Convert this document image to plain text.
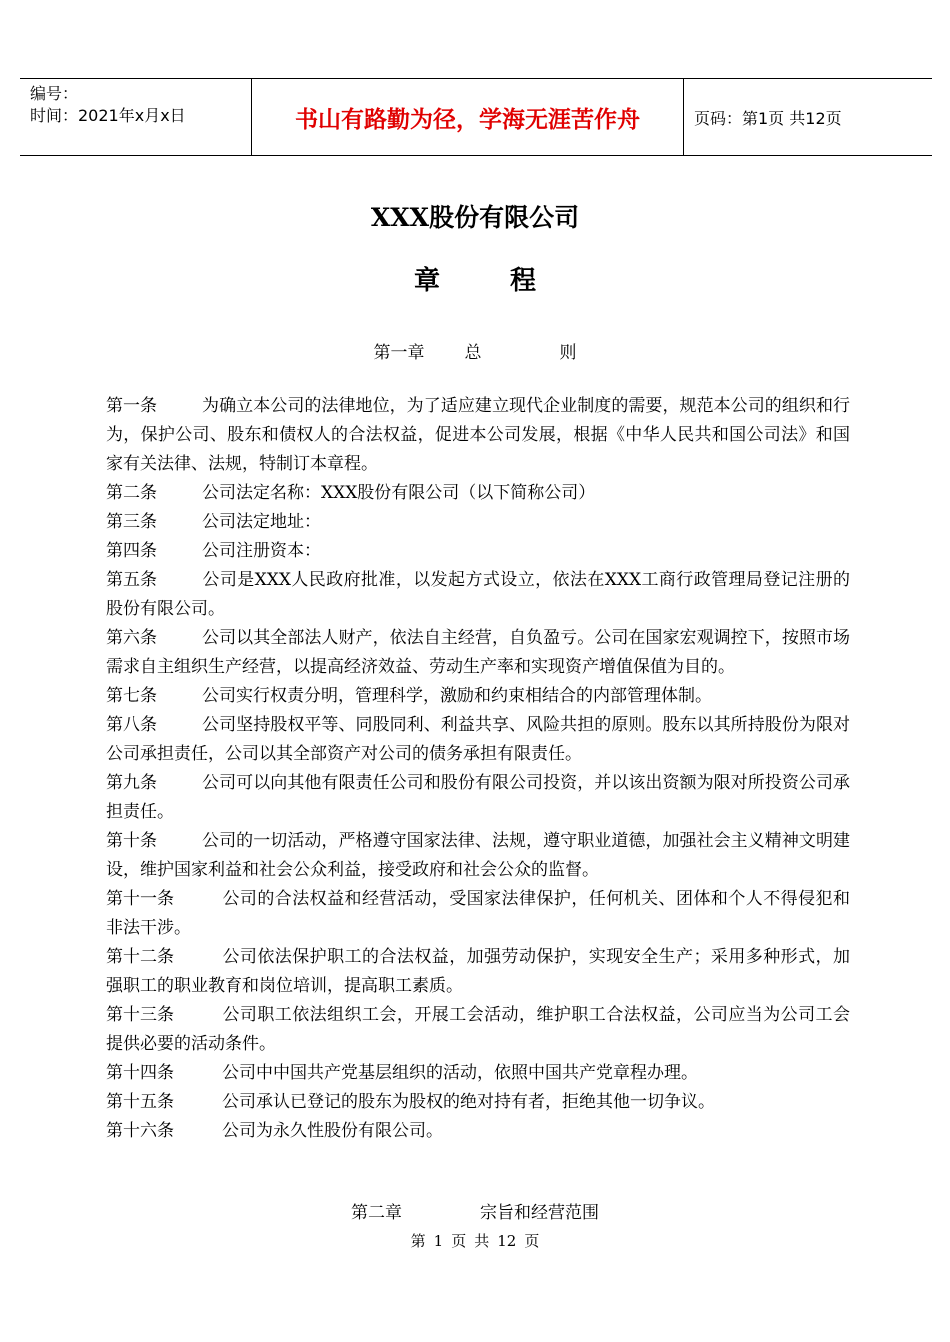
编号：
时间：2021年x月x日	书山有路勤为径，学海无涯苦作舟	页码：第1页 共12页
XXX股份有限公司
章	程
第一章 总	则

第一条	为确立本公司的法律地位，为了适应建立现代企业制度的需要，规范本公司的组织和行为，保护公司、股东和债权人的合法权益，促进本公司发展，根据《中华人民共和国公司法》和国家有关法律、法规，特制订本章程。

第二条	公司法定名称：XXX股份有限公司（以下简称公司）

第三条	公司法定地址：

第四条	公司注册资本：

第五条	公司是XXX人民政府批准，以发起方式设立，依法在XXX工商行政管理局登记注册的股份有限公司。

第六条	公司以其全部法人财产，依法自主经营，自负盈亏。公司在国家宏观调控下，按照市场需求自主组织生产经营，以提高经济效益、劳动生产率和实现资产增值保值为目的。

第七条	公司实行权责分明，管理科学，激励和约束相结合的内部管理体制。

第八条	公司坚持股权平等、同股同利、利益共享、风险共担的原则。股东以其所持股份为限对公司承担责任，公司以其全部资产对公司的债务承担有限责任。

第九条	公司可以向其他有限责任公司和股份有限公司投资，并以该出资额为限对所投资公司承担责任。

第十条	公司的一切活动，严格遵守国家法律、法规，遵守职业道德，加强社会主义精神文明建设，维护国家利益和社会公众利益，接受政府和社会公众的监督。

第十一条	公司的合法权益和经营活动，受国家法律保护，任何机关、团体和个人不得侵犯和非法干涉。

第十二条	公司依法保护职工的合法权益，加强劳动保护，实现安全生产；采用多种形式，加强职工的职业教育和岗位培训，提高职工素质。

第十三条	公司职工依法组织工会，开展工会活动，维护职工合法权益，公司应当为公司工会提供必要的活动条件。

第十四条	公司中中国共产党基层组织的活动，依照中国共产党章程办理。

第十五条	公司承认已登记的股东为股权的绝对持有者，拒绝其他一切争议。

第十六条	公司为永久性股份有限公司。

第二章	宗旨和经营范围
第 1 页 共 12 页
